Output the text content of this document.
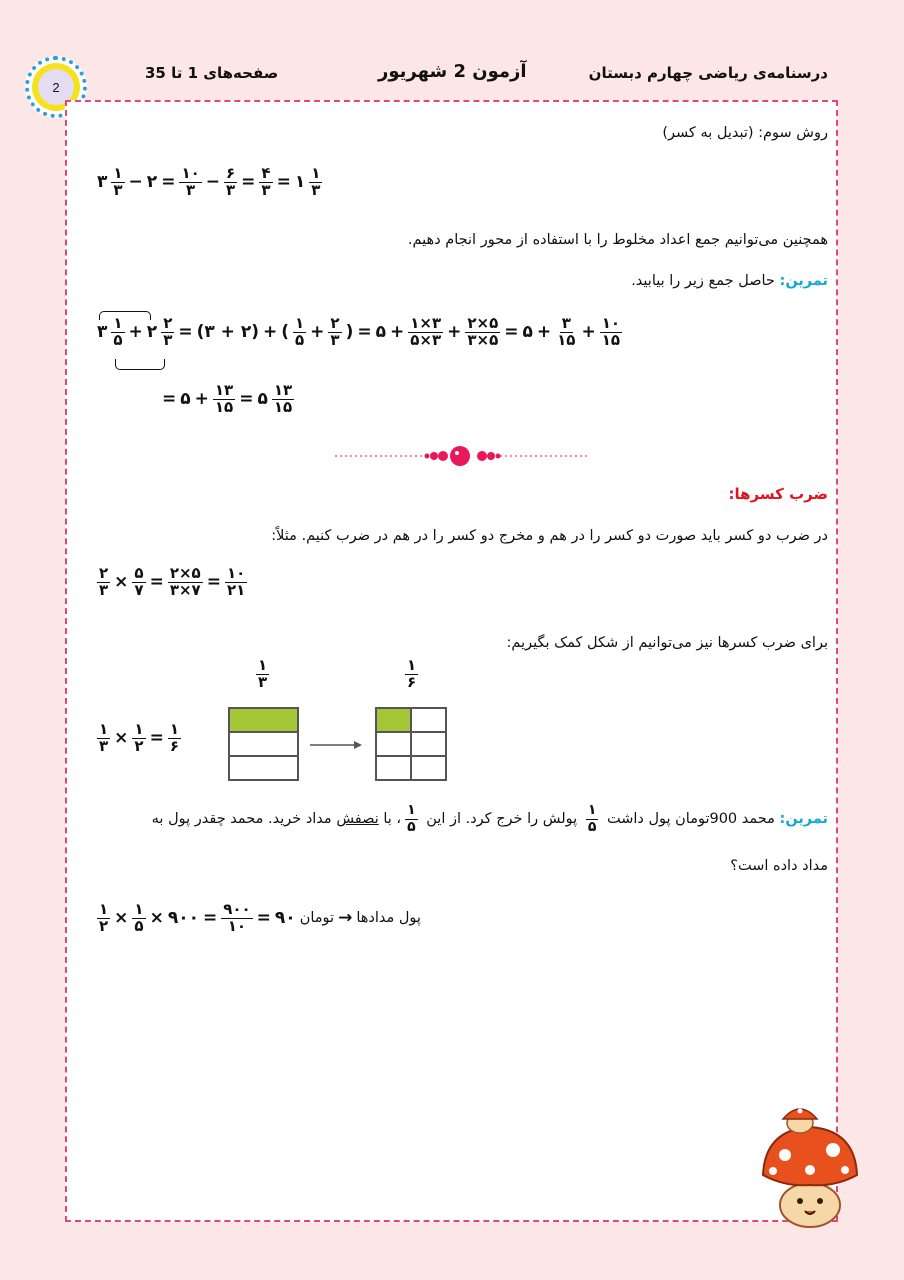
2
صفحه‌های 1 تا 35	آزمون 2 شهریور	درسنامه‌ی ریاضی چهارم دبستان
روش سوم: (تبدیل به کسر)
۳ $\frac{۱}{۳}$ − ۲ = $\frac{۱۰}{۳} - \frac{۶}{۳} = \frac{۴}{۳}$ = ۱ $\frac{۱}{۳}$
همچنین می‌توانیم جمع اعداد مخلوط را با استفاده از محور انجام دهیم.
تمرین: حاصل جمع زیر را بیابید.
۳ $\frac{۱}{۵}$ + ۲ $\frac{۲}{۳}$ = (۳ + ۲) + ( $\frac{۱}{۵} + \frac{۲}{۳}$ ) = ۵ + $\frac{۱\times ۳}{۵\times ۳} + \frac{۲\times ۵}{۳\times ۵}$ = ۵ + $\frac{۳}{۱۵} + \frac{۱۰}{۱۵}$
= ۵ + $\frac{۱۳}{۱۵}$ = ۵ $\frac{۱۳}{۱۵}$
ضرب کسرها:
در ضرب دو کسر باید صورت دو کسر را در هم و مخرج دو کسر را در هم در ضرب کنیم. مثلاً:
$\frac{۲}{۳} \times \frac{۵}{۷} = \frac{۲\times ۵}{۳\times ۷} = \frac{۱۰}{۲۱}$
برای ضرب کسرها نیز می‌توانیم از شکل کمک بگیریم:
$\frac{۱}{۳}$	$\frac{۱}{۶}$
$\frac{۱}{۳} \times \frac{۱}{۲} = \frac{۱}{۶}$
تمرین: محمد 900تومان پول داشت
۱
۵
پولش را خرج کرد. از این
۱
۵
، با نصفش مداد خرید. محمد چقدر پول به
مداد داده است؟
$\frac{۱}{۲} \times \frac{۱}{۵}$ × ۹۰۰ = $\frac{۹۰۰}{۱۰}$ = ۹۰ تومان → پول مدادها
